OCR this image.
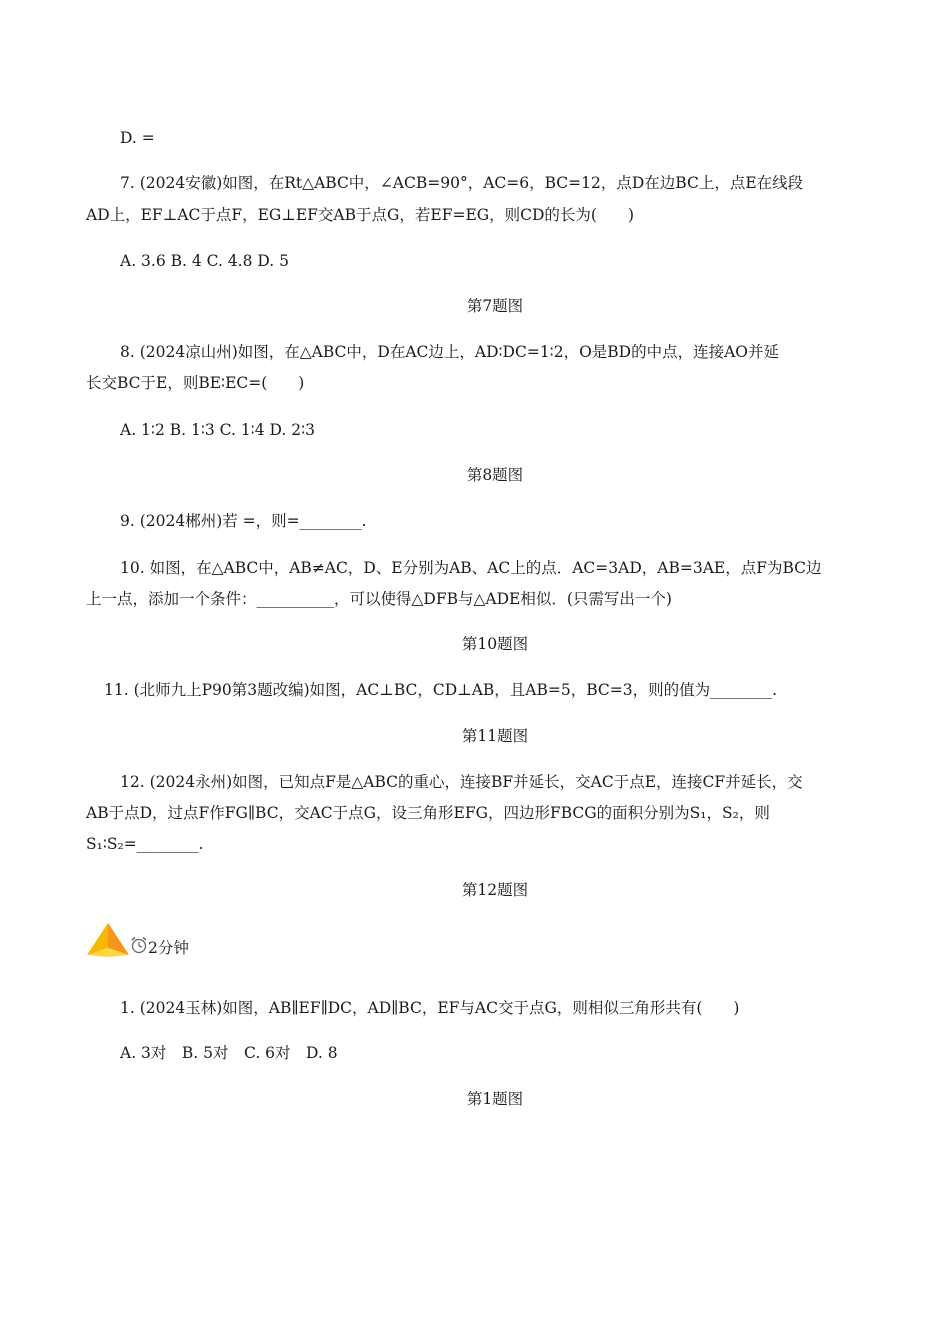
D. =
7. (2024安徽)如图，在Rt△ABC中，∠ACB=90°，AC=6，BC=12，点D在边BC上，点E在线段
AD上，EF⊥AC于点F，EG⊥EF交AB于点G，若EF=EG，则CD的长为(　　)
A. 3.6 B. 4 C. 4.8 D. 5
第7题图
8. (2024凉山州)如图，在△ABC中，D在AC边上，AD∶DC=1∶2，O是BD的中点，连接AO并延
长交BC于E，则BE∶EC=(　　)
A. 1∶2 B. 1∶3 C. 1∶4 D. 2∶3
第8题图
9. (2024郴州)若 =，则=________.
10. 如图，在△ABC中，AB≠AC，D、E分别为AB、AC上的点．AC=3AD，AB=3AE，点F为BC边
上一点，添加一个条件：__________，可以使得△DFB与△ADE相似．(只需写出一个)
第10题图
11. (北师九上P90第3题改编)如图，AC⊥BC，CD⊥AB，且AB=5，BC=3，则的值为________.
第11题图
12. (2024永州)如图，已知点F是△ABC的重心，连接BF并延长，交AC于点E，连接CF并延长，交
AB于点D，过点F作FG∥BC，交AC于点G，设三角形EFG，四边形FBCG的面积分别为S₁，S₂，则
S₁∶S₂=________.
第12题图
2分钟
1. (2024玉林)如图，AB∥EF∥DC，AD∥BC，EF与AC交于点G，则相似三角形共有(　　)
A. 3对　B. 5对　C. 6对　D. 8
第1题图
